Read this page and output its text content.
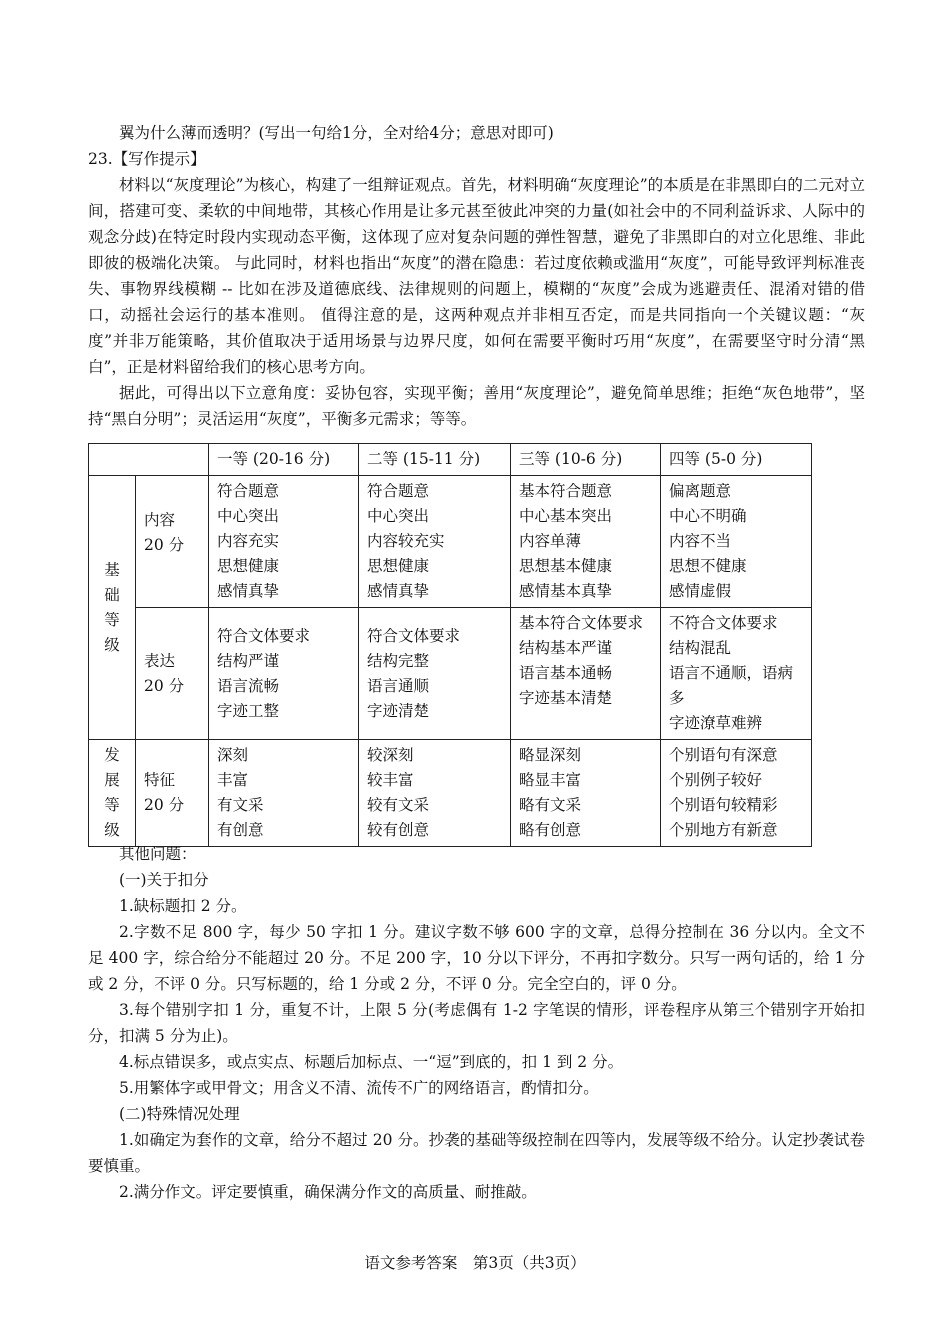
翼为什么薄而透明？(写出一句给1分，全对给4分；意思对即可)

23.【写作提示】

材料以“灰度理论”为核心，构建了一组辩证观点。首先，材料明确“灰度理论”的本质是在非黑即白的二元对立间，搭建可变、柔软的中间地带，其核心作用是让多元甚至彼此冲突的力量(如社会中的不同利益诉求、人际中的观念分歧)在特定时段内实现动态平衡，这体现了应对复杂问题的弹性智慧，避免了非黑即白的对立化思维、非此即彼的极端化决策。 与此同时，材料也指出“灰度”的潜在隐患：若过度依赖或滥用“灰度”，可能导致评判标准丧失、事物界线模糊 -- 比如在涉及道德底线、法律规则的问题上，模糊的“灰度”会成为逃避责任、混淆对错的借口，动摇社会运行的基本准则。 值得注意的是，这两种观点并非相互否定，而是共同指向一个关键议题：“灰度”并非万能策略，其价值取决于适用场景与边界尺度，如何在需要平衡时巧用“灰度”，在需要坚守时分清“黑白”，正是材料留给我们的核心思考方向。

据此，可得出以下立意角度：妥协包容，实现平衡；善用“灰度理论”，避免简单思维；拒绝“灰色地带”，坚持“黑白分明”；灵活运用“灰度”，平衡多元需求；等等。

		一等 (20-16 分)	二等 (15-11 分)	三等 (10-6 分)	四等 (5-0 分)
基
础
等
级	内容
20 分	符合题意
中心突出
内容充实
思想健康
感情真挚	符合题意
中心突出
内容较充实
思想健康
感情真挚	基本符合题意
中心基本突出
内容单薄
思想基本健康
感情基本真挚	偏离题意
中心不明确
内容不当
思想不健康
感情虚假
	表达
20 分	符合文体要求
结构严谨
语言流畅
字迹工整	符合文体要求
结构完整
语言通顺
字迹清楚	基本符合文体要求
结构基本严谨
语言基本通畅
字迹基本清楚	不符合文体要求
结构混乱
语言不通顺，语病多
字迹潦草难辨
发
展
等
级	特征
20 分	深刻
丰富
有文采
有创意	较深刻
较丰富
较有文采
较有创意	略显深刻
略显丰富
略有文采
略有创意	个别语句有深意
个别例子较好
个别语句较精彩
个别地方有新意

其他问题：

(一)关于扣分

1.缺标题扣 2 分。

2.字数不足 800 字，每少 50 字扣 1 分。建议字数不够 600 字的文章，总得分控制在 36 分以内。全文不足 400 字，综合给分不能超过 20 分。不足 200 字，10 分以下评分，不再扣字数分。只写一两句话的，给 1 分或 2 分，不评 0 分。只写标题的，给 1 分或 2 分，不评 0 分。完全空白的，评 0 分。

3.每个错别字扣 1 分，重复不计，上限 5 分(考虑偶有 1-2 字笔误的情形，评卷程序从第三个错别字开始扣分，扣满 5 分为止)。

4.标点错误多，或点实点、标题后加标点、一“逗”到底的，扣 1 到 2 分。

5.用繁体字或甲骨文；用含义不清、流传不广的网络语言，酌情扣分。

(二)特殊情况处理

1.如确定为套作的文章，给分不超过 20 分。抄袭的基础等级控制在四等内，发展等级不给分。认定抄袭试卷要慎重。

2.满分作文。评定要慎重，确保满分作文的高质量、耐推敲。

语文参考答案　第3页（共3页）
